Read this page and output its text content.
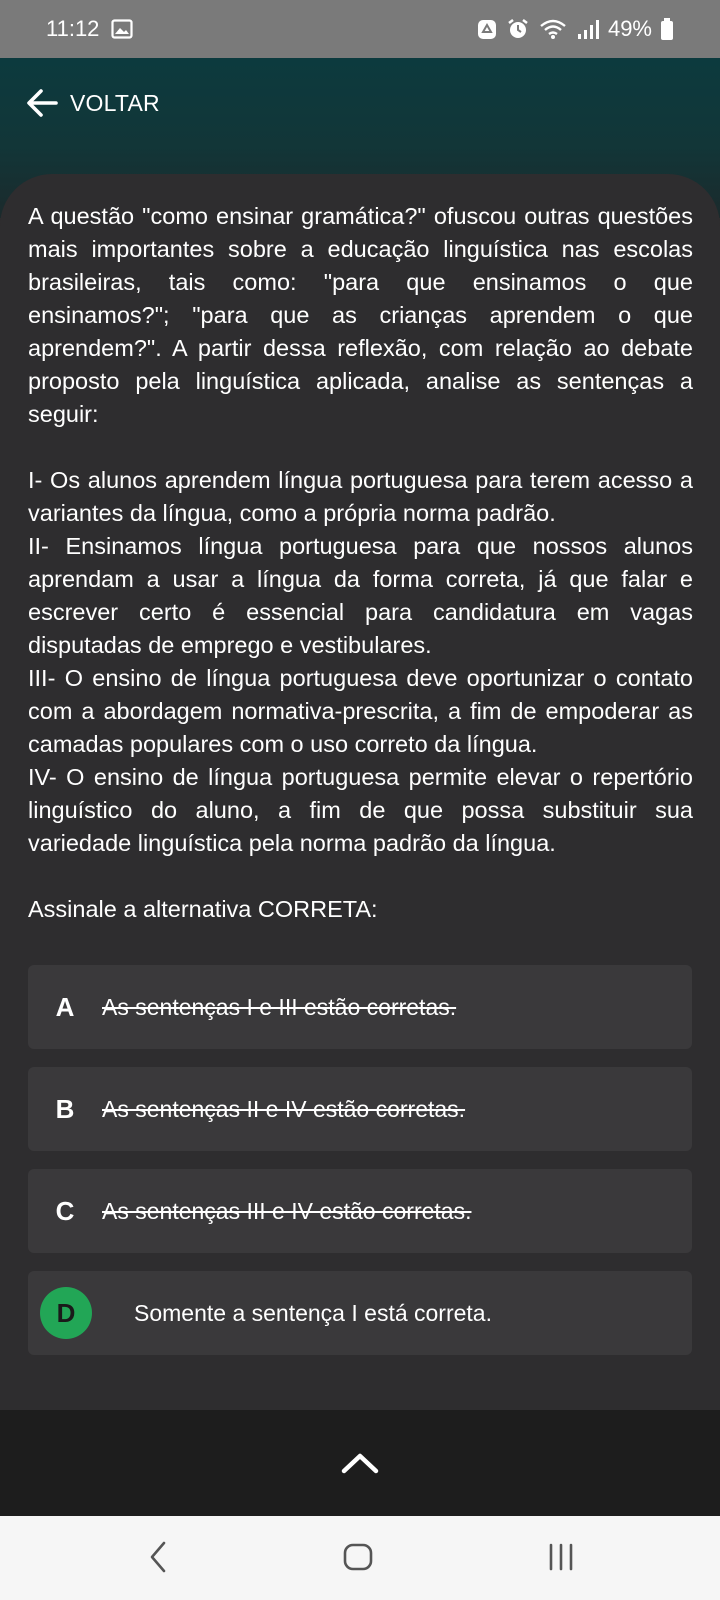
11:12	49%
VOLTAR

A questão "como ensinar gramática?" ofuscou outras questões mais importantes sobre a educação linguística nas escolas brasileiras, tais como: "para que ensinamos o que ensinamos?"; "para que as crianças aprendem o que aprendem?". A partir dessa reflexão, com relação ao debate proposto pela linguística aplicada, analise as sentenças a seguir:

I- Os alunos aprendem língua portuguesa para terem acesso a variantes da língua, como a própria norma padrão.

II- Ensinamos língua portuguesa para que nossos alunos aprendam a usar a língua da forma correta, já que falar e escrever certo é essencial para candidatura em vagas disputadas de emprego e vestibulares.

III- O ensino de língua portuguesa deve oportunizar o contato com a abordagem normativa-prescrita, a fim de empoderar as camadas populares com o uso correto da língua.

IV- O ensino de língua portuguesa permite elevar o repertório linguístico do aluno, a fim de que possa substituir sua variedade linguística pela norma padrão da língua.

Assinale a alternativa CORRETA:

A	As sentenças I e III estão corretas.
B	As sentenças II e IV estão corretas.
C	As sentenças III e IV estão corretas.
D	Somente a sentença I está correta.
